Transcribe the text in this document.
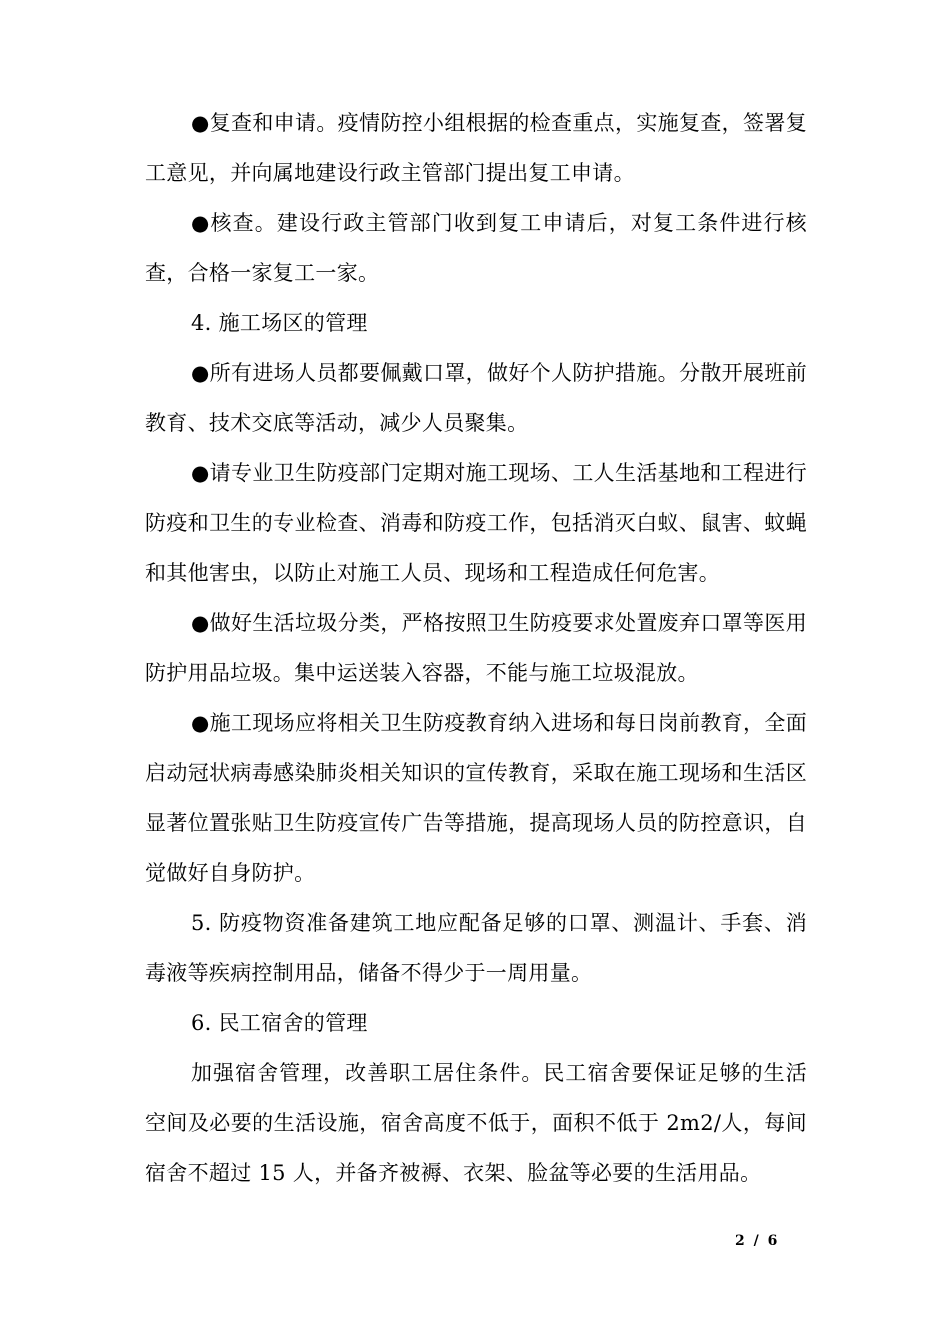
●复查和申请。疫情防控小组根据的检查重点，实施复查，签署复工意见，并向属地建设行政主管部门提出复工申请。

●核查。建设行政主管部门收到复工申请后，对复工条件进行核查，合格一家复工一家。

4. 施工场区的管理

●所有进场人员都要佩戴口罩，做好个人防护措施。分散开展班前教育、技术交底等活动，减少人员聚集。

●请专业卫生防疫部门定期对施工现场、工人生活基地和工程进行防疫和卫生的专业检查、消毒和防疫工作，包括消灭白蚁、鼠害、蚊蝇和其他害虫，以防止对施工人员、现场和工程造成任何危害。

●做好生活垃圾分类，严格按照卫生防疫要求处置废弃口罩等医用防护用品垃圾。集中运送装入容器，不能与施工垃圾混放。

●施工现场应将相关卫生防疫教育纳入进场和每日岗前教育，全面启动冠状病毒感染肺炎相关知识的宣传教育，采取在施工现场和生活区显著位置张贴卫生防疫宣传广告等措施，提高现场人员的防控意识，自觉做好自身防护。

5. 防疫物资准备建筑工地应配备足够的口罩、测温计、手套、消毒液等疾病控制用品，储备不得少于一周用量。

6. 民工宿舍的管理

加强宿舍管理，改善职工居住条件。民工宿舍要保证足够的生活空间及必要的生活设施，宿舍高度不低于，面积不低于 2m2/人，每间宿舍不超过 15 人，并备齐被褥、衣架、脸盆等必要的生活用品。

2 / 6
